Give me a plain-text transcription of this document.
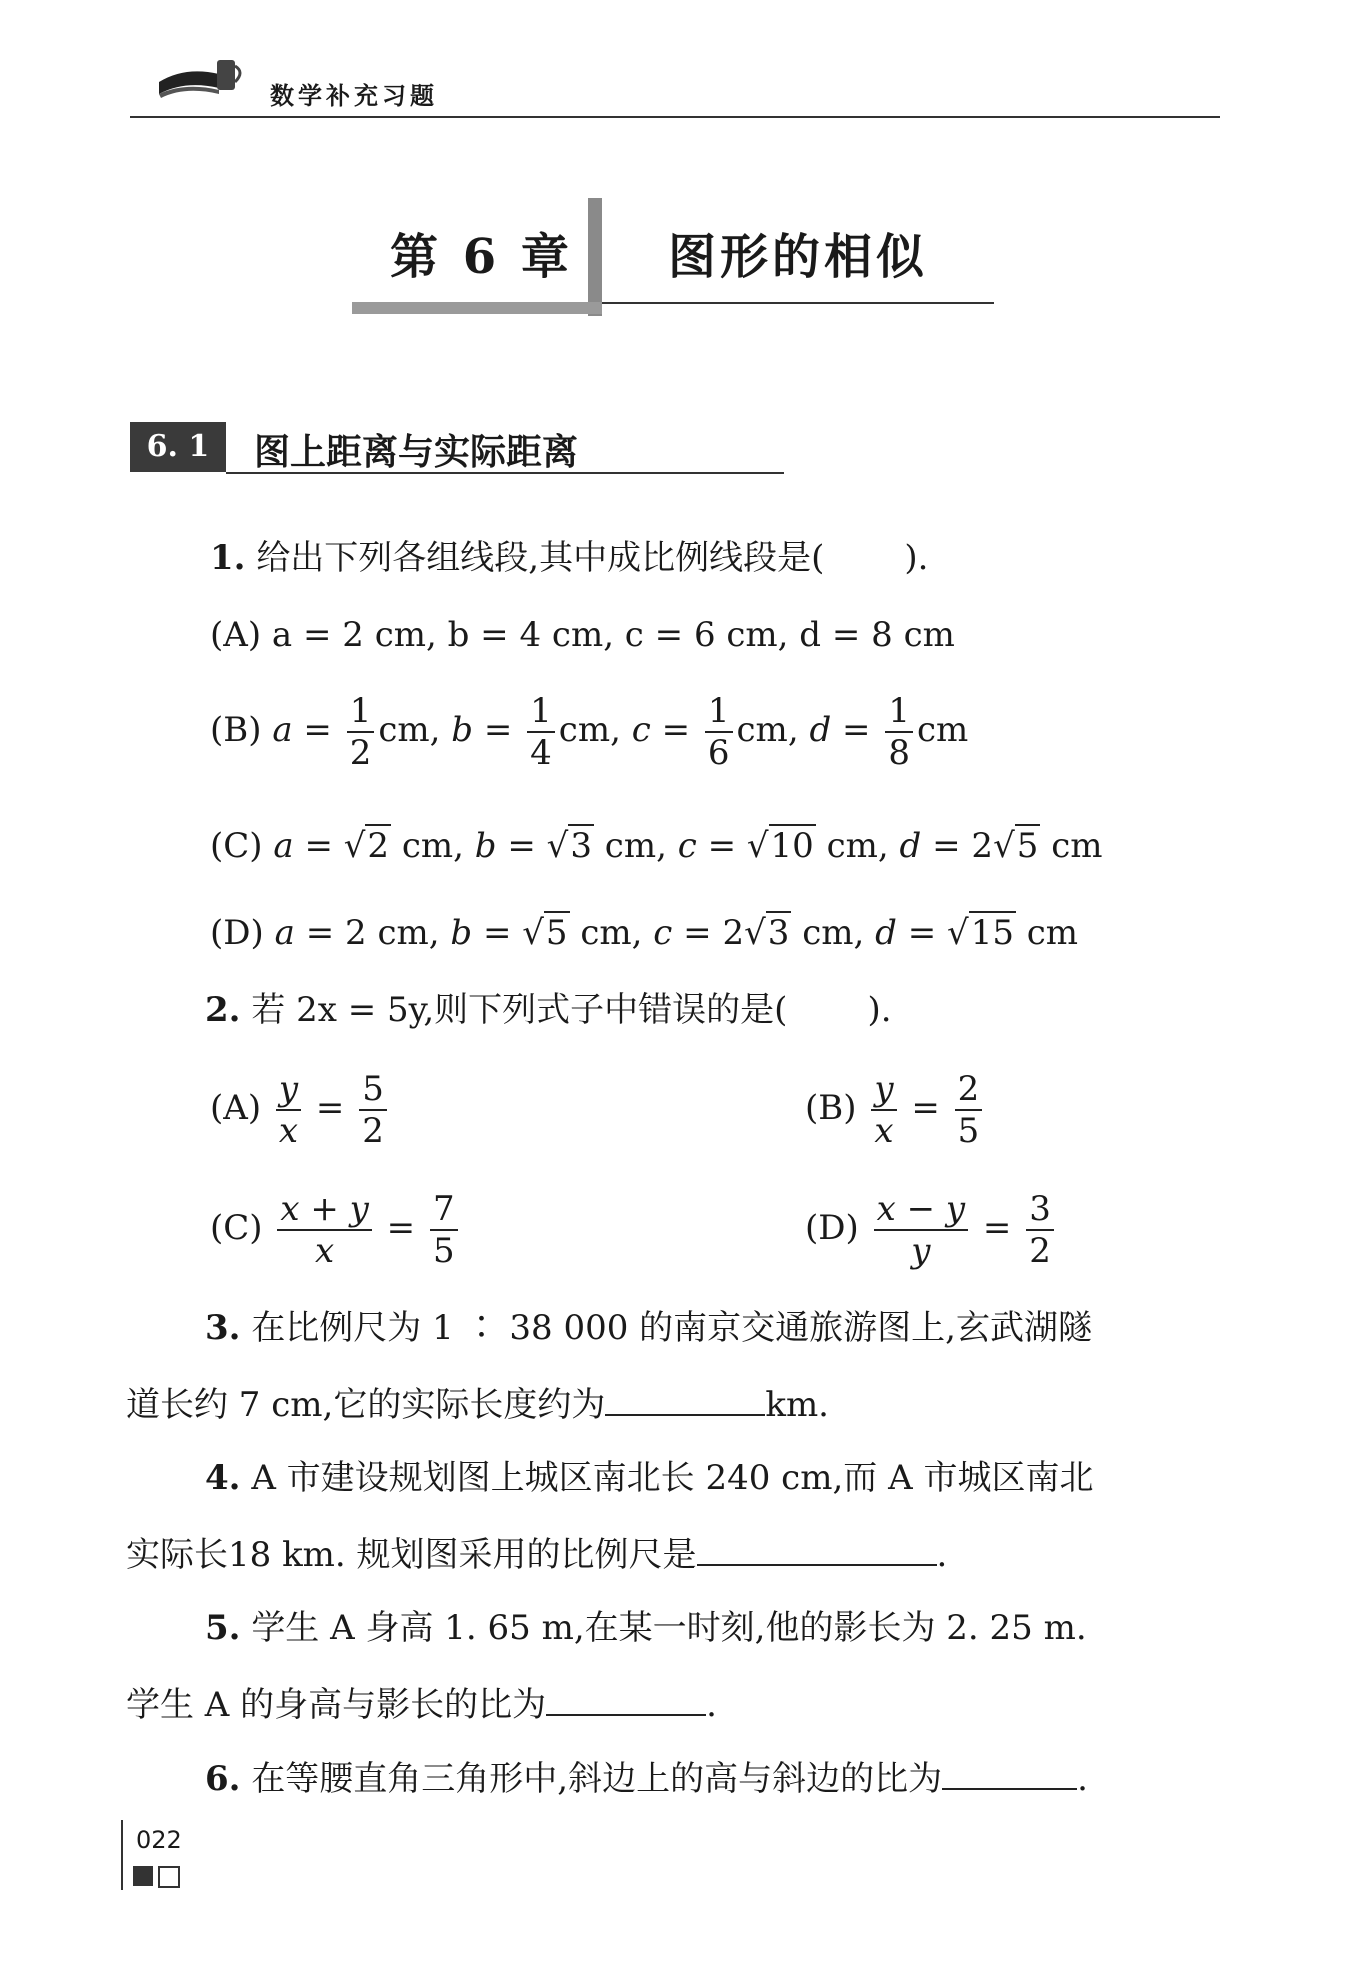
数学补充习题
第 6 章 图形的相似
6. 1	图上距离与实际距离
1. 给出下列各组线段,其中成比例线段是( ).
(A) a = 2 cm, b = 4 cm, c = 6 cm, d = 8 cm
(B) $a = \frac{1}{2}$ cm, $b = \frac{1}{4}$ cm, $c = \frac{1}{6}$ cm, $d = \frac{1}{8}$ cm
(C) a = √2 cm, b = √3 cm, c = √10 cm, d = 2√5 cm
(D) a = 2 cm, b = √5 cm, c = 2√3 cm, d = √15 cm
2. 若 2x = 5y,则下列式子中错误的是( ).
$(A) \frac{y}{x} = \frac{5}{2}$	$(B) \frac{y}{x} = \frac{2}{5}$
$(C) \frac{x + y}{x} = \frac{7}{5}$	$(D) \frac{x - y}{y} = \frac{3}{2}$
3. 在比例尺为 1 ∶ 38 000 的南京交通旅游图上,玄武湖隧
道长约 7 cm,它的实际长度约为	km.
4. A 市建设规划图上城区南北长 240 cm,而 A 市城区南北
实际长18 km. 规划图采用的比例尺是	.
5. 学生 A 身高 1. 65 m,在某一时刻,他的影长为 2. 25 m.
学生 A 的身高与影长的比为	.
6. 在等腰直角三角形中,斜边上的高与斜边的比为	.
022
